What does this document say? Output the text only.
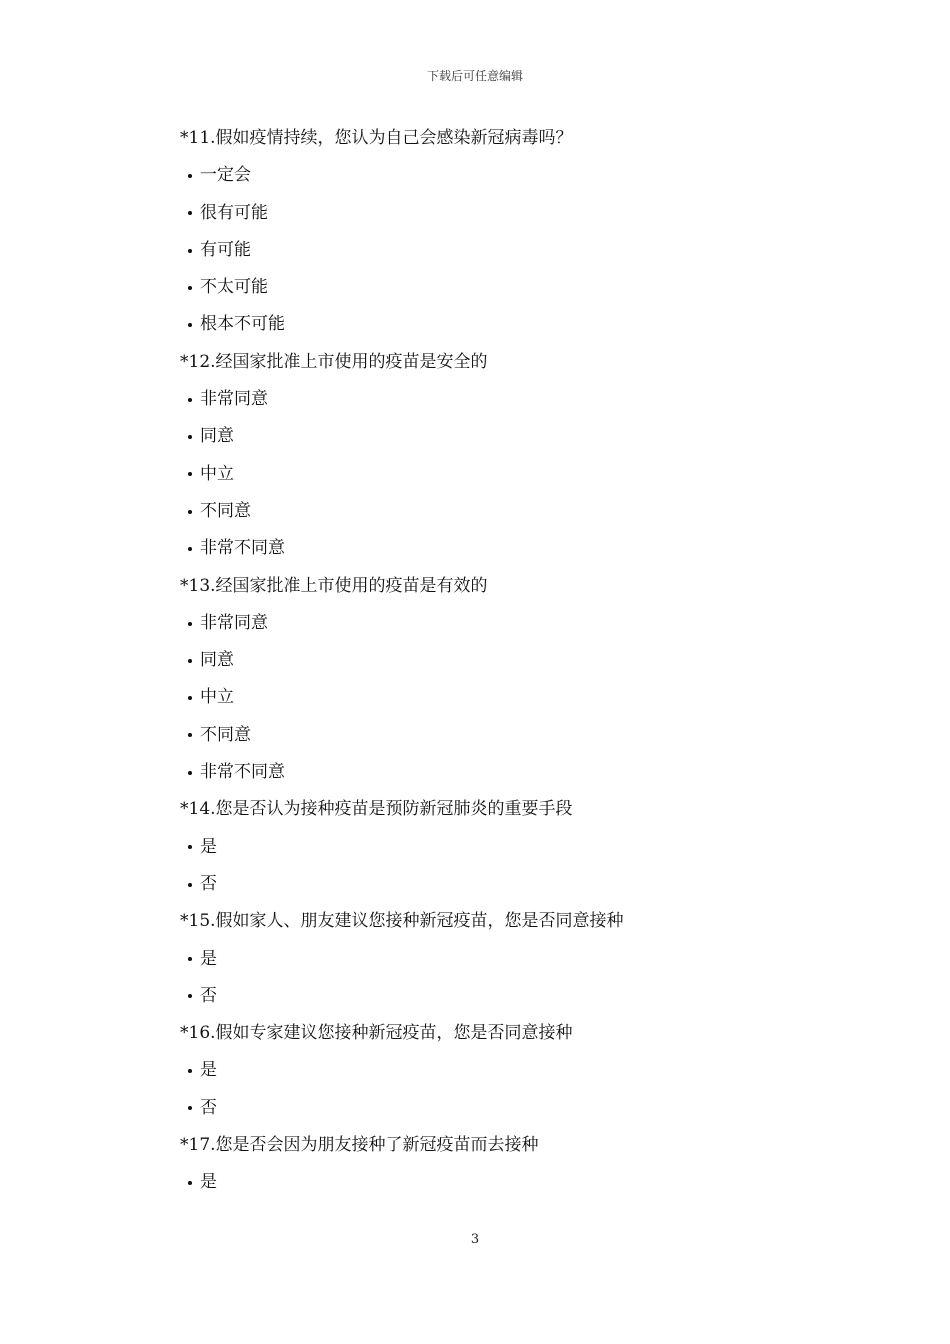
下载后可任意编辑
*11.假如疫情持续，您认为自己会感染新冠病毒吗？
一定会
很有可能
有可能
不太可能
根本不可能
*12.经国家批准上市使用的疫苗是安全的
非常同意
同意
中立
不同意
非常不同意
*13.经国家批准上市使用的疫苗是有效的
非常同意
同意
中立
不同意
非常不同意
*14.您是否认为接种疫苗是预防新冠肺炎的重要手段
是
否
*15.假如家人、朋友建议您接种新冠疫苗，您是否同意接种
是
否
*16.假如专家建议您接种新冠疫苗，您是否同意接种
是
否
*17.您是否会因为朋友接种了新冠疫苗而去接种
是
3
